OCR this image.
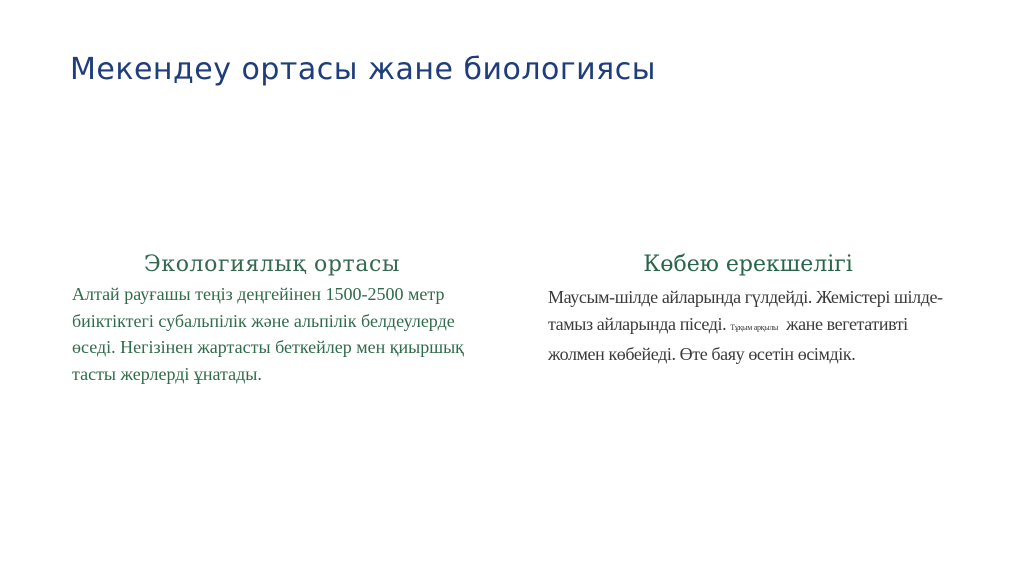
Мекендеу ортасы жане биологиясы
Экологиялық ортасы
Алтай рауғашы теңіз деңгейінен 1500-2500 метр биіктіктегі субальпілік және альпілік белдеулерде өседі. Негізінен жартасты беткейлер мен қиыршық тасты жерлерді ұнатады.
Көбею ерекшелігі
Маусым-шілде айларында гүлдейді. Жемістері шілде- тамыз айларында піседі. Тұқым арқылы жане вегетативті жолмен көбейеді. Өте баяу өсетін өсімдік.
